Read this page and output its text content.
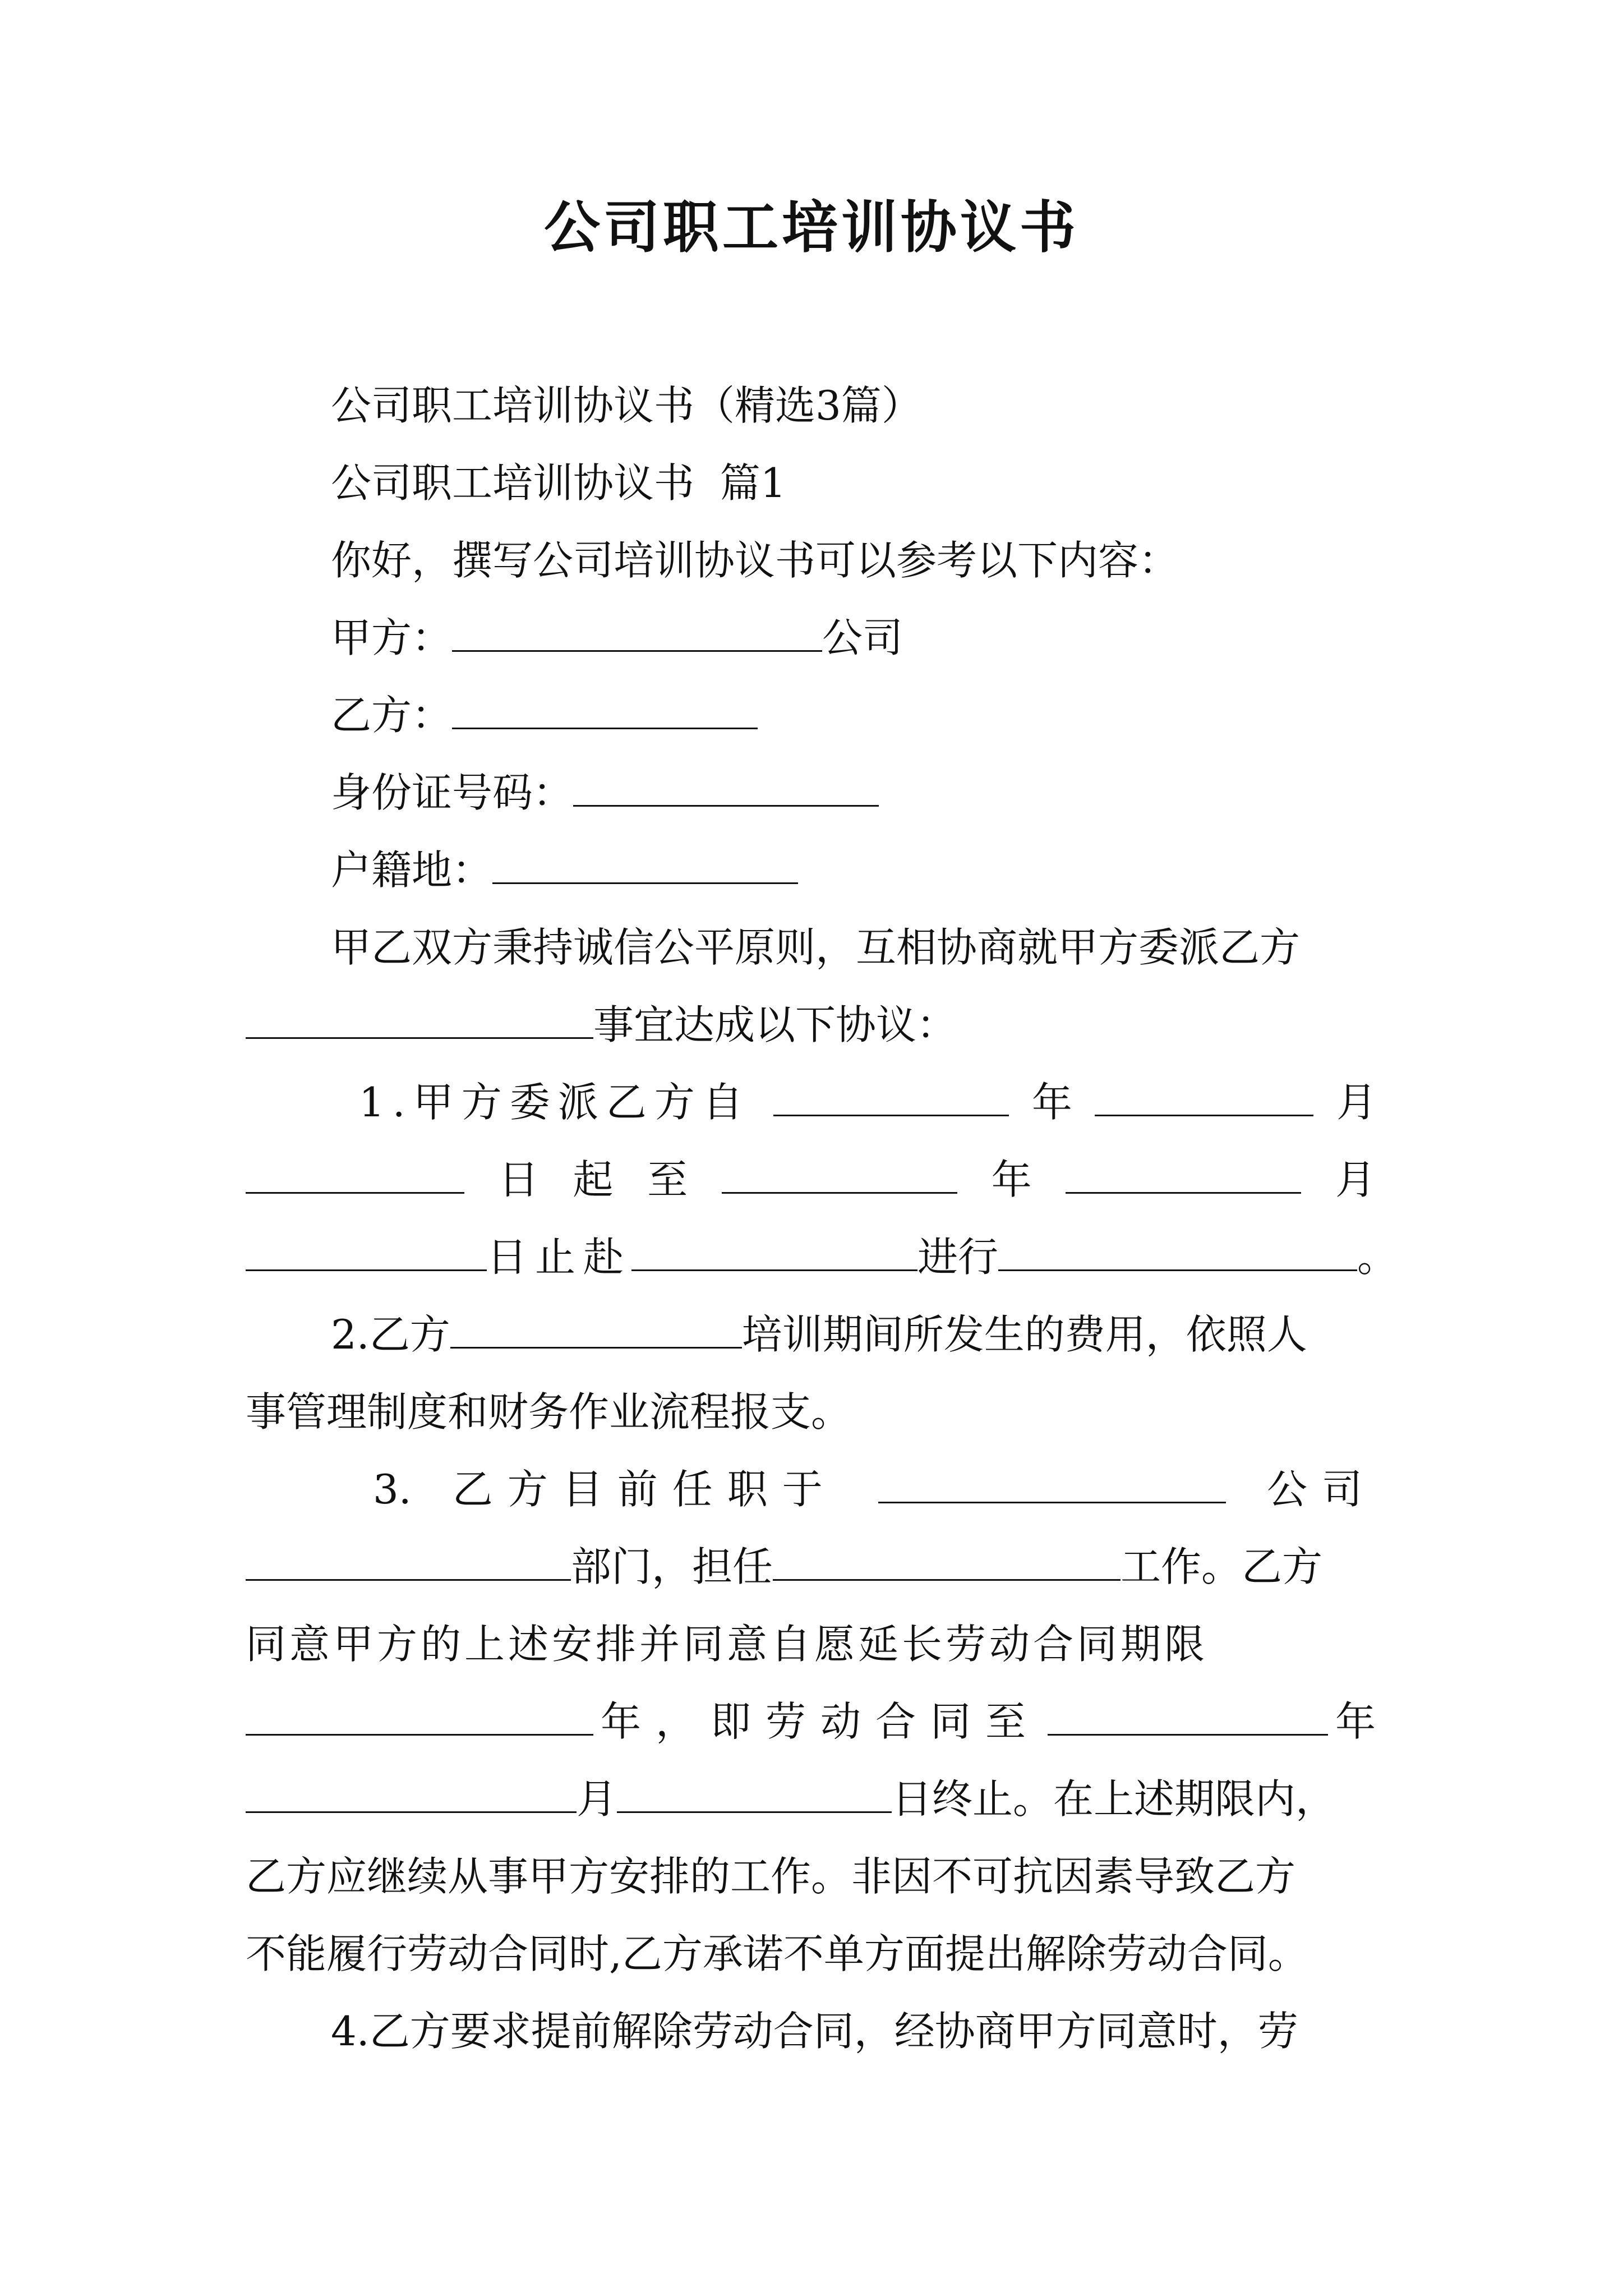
公司职工培训协议书
公司职工培训协议书（精选3篇）
公司职工培训协议书  篇1
你好，撰写公司培训协议书可以参考以下内容：
甲方：	公司
乙方：
身份证号码：
户籍地：
甲乙双方秉持诚信公平原则，互相协商就甲方委派乙方
事宜达成以下协议：
1.甲方委派乙方自	年	月
日 起 至	年	月
日止赴	进行	。
2.乙方	培训期间所发生的费用，依照人
事管理制度和财务作业流程报支。
3. 乙方目前任职于	公司
部门，担任	工作。乙方
同意甲方的上述安排并同意自愿延长劳动合同期限
年，即劳动合同至	年
月	日终止。在上述期限内，
乙方应继续从事甲方安排的工作。非因不可抗因素导致乙方
不能履行劳动合同时,乙方承诺不单方面提出解除劳动合同。
4.乙方要求提前解除劳动合同，经协商甲方同意时，劳
